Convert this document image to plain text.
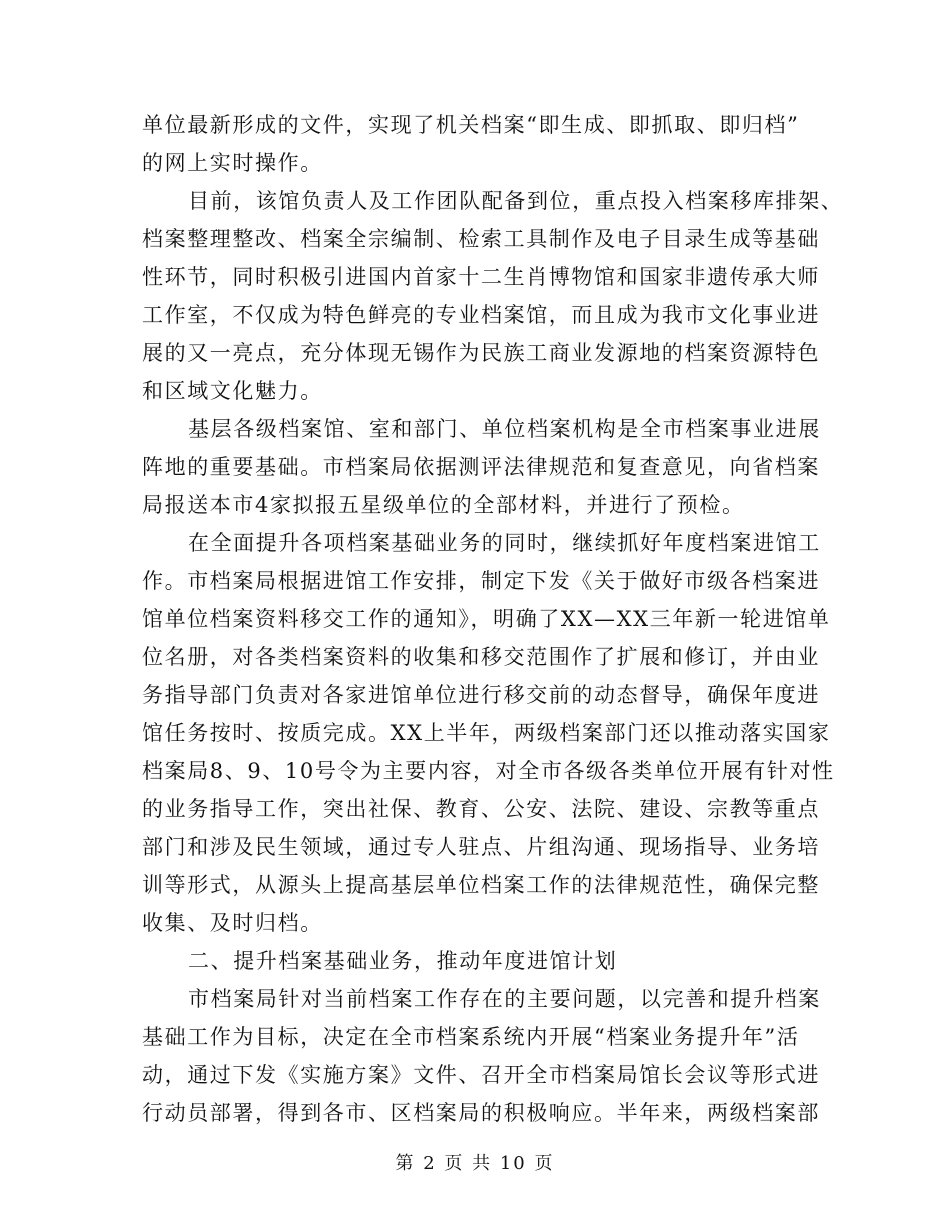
单位最新形成的文件，实现了机关档案“即生成、即抓取、即归档”
的网上实时操作。
目前，该馆负责人及工作团队配备到位，重点投入档案移库排架、
档案整理整改、档案全宗编制、检索工具制作及电子目录生成等基础
性环节，同时积极引进国内首家十二生肖博物馆和国家非遗传承大师
工作室，不仅成为特色鲜亮的专业档案馆，而且成为我市文化事业进
展的又一亮点，充分体现无锡作为民族工商业发源地的档案资源特色
和区域文化魅力。
基层各级档案馆、室和部门、单位档案机构是全市档案事业进展
阵地的重要基础。市档案局依据测评法律规范和复查意见，向省档案
局报送本市4家拟报五星级单位的全部材料，并进行了预检。
在全面提升各项档案基础业务的同时，继续抓好年度档案进馆工
作。市档案局根据进馆工作安排，制定下发《关于做好市级各档案进
馆单位档案资料移交工作的通知》，明确了XX—XX三年新一轮进馆单
位名册，对各类档案资料的收集和移交范围作了扩展和修订，并由业
务指导部门负责对各家进馆单位进行移交前的动态督导，确保年度进
馆任务按时、按质完成。XX上半年，两级档案部门还以推动落实国家
档案局8、9、10号令为主要内容，对全市各级各类单位开展有针对性
的业务指导工作，突出社保、教育、公安、法院、建设、宗教等重点
部门和涉及民生领域，通过专人驻点、片组沟通、现场指导、业务培
训等形式，从源头上提高基层单位档案工作的法律规范性，确保完整
收集、及时归档。
二、提升档案基础业务，推动年度进馆计划
市档案局针对当前档案工作存在的主要问题，以完善和提升档案
基础工作为目标，决定在全市档案系统内开展“档案业务提升年”活
动，通过下发《实施方案》文件、召开全市档案局馆长会议等形式进
行动员部署，得到各市、区档案局的积极响应。半年来，两级档案部
第 2 页 共 10 页
